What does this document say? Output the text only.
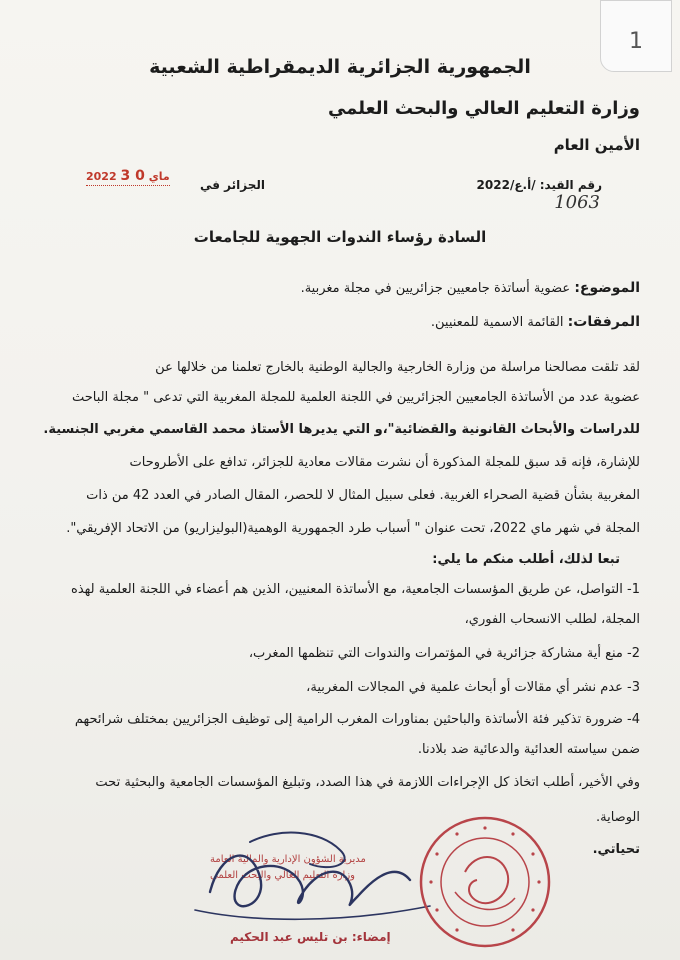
1
الجمهورية الجزائرية الديمقراطية الشعبية
وزارة التعليم العالي والبحث العلمي
الأمين العام
رقم القيد: /أ.ع/2022
1063
الجزائر في
2022	ماي 0 3
السادة رؤساء الندوات الجهوية للجامعات
الموضوع: عضوية أساتذة جامعيين جزائريين في مجلة مغربية.
المرفقات: القائمة الاسمية للمعنيين.
لقد تلقت مصالحنا مراسلة من وزارة الخارجية والجالية الوطنية بالخارج تعلمنا من خلالها عن
عضوية عدد من الأساتذة الجامعيين الجزائريين في اللجنة العلمية للمجلة المغربية التي تدعى " مجلة الباحث
للدراسات والأبحاث القانونية والقضائية"،و التي يديرها الأستاذ محمد القاسمي مغربي الجنسية.
للإشارة، فإنه قد سبق للمجلة المذكورة أن نشرت مقالات معادية للجزائر، تدافع على الأطروحات
المغربية بشأن قضية الصحراء الغربية. فعلى سبيل المثال لا للحصر، المقال الصادر في العدد 42 من ذات
المجلة في شهر ماي 2022، تحت عنوان " أسباب طرد الجمهورية الوهمية(البوليزاريو) من الاتحاد الإفريقي".
تبعا لذلك، أطلب منكم ما يلي:
1- التواصل، عن طريق المؤسسات الجامعية، مع الأساتذة المعنيين، الذين هم أعضاء في اللجنة العلمية لهذه
المجلة، لطلب الانسحاب الفوري،
2- منع أية مشاركة جزائرية في المؤتمرات والندوات التي تنظمها المغرب،
3- عدم نشر أي مقالات أو أبحاث علمية في المجالات المغربية،
4- ضرورة تذكير فئة الأساتذة والباحثين بمناورات المغرب الرامية إلى توظيف الجزائريين بمختلف شرائحهم
ضمن سياسته العدائية والدعائية ضد بلادنا.
وفي الأخير، أطلب اتخاذ كل الإجراءات اللازمة في هذا الصدد، وتبليغ المؤسسات الجامعية والبحثية تحت
الوصاية.
تحياتي.
مديرية الشؤون الإدارية والمالية العامة
وزارة التعليم العالي والبحث العلمي
إمضاء: بن تليس عبد الحكيم
